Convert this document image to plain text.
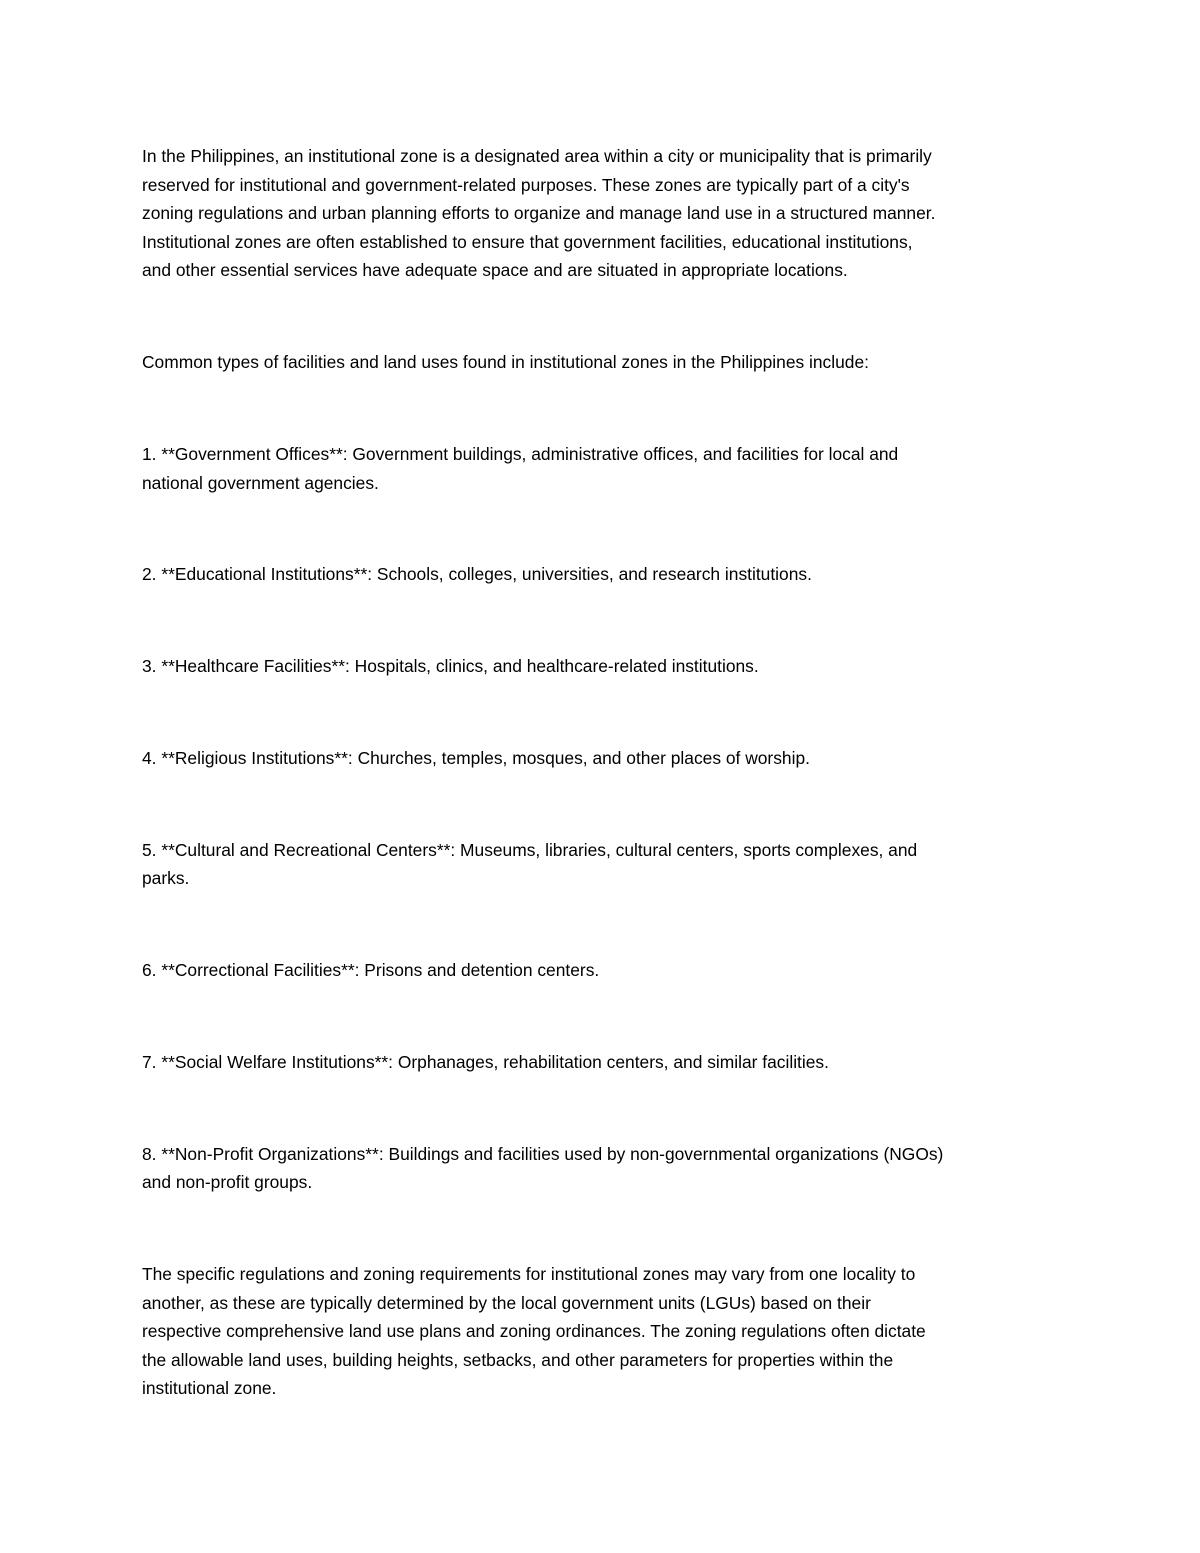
In the Philippines, an institutional zone is a designated area within a city or municipality that is primarily
reserved for institutional and government-related purposes. These zones are typically part of a city's
zoning regulations and urban planning efforts to organize and manage land use in a structured manner.
Institutional zones are often established to ensure that government facilities, educational institutions,
and other essential services have adequate space and are situated in appropriate locations.

Common types of facilities and land uses found in institutional zones in the Philippines include:

1. **Government Offices**: Government buildings, administrative offices, and facilities for local and
national government agencies.

2. **Educational Institutions**: Schools, colleges, universities, and research institutions.

3. **Healthcare Facilities**: Hospitals, clinics, and healthcare-related institutions.

4. **Religious Institutions**: Churches, temples, mosques, and other places of worship.

5. **Cultural and Recreational Centers**: Museums, libraries, cultural centers, sports complexes, and
parks.

6. **Correctional Facilities**: Prisons and detention centers.

7. **Social Welfare Institutions**: Orphanages, rehabilitation centers, and similar facilities.

8. **Non-Profit Organizations**: Buildings and facilities used by non-governmental organizations (NGOs)
and non-profit groups.

The specific regulations and zoning requirements for institutional zones may vary from one locality to
another, as these are typically determined by the local government units (LGUs) based on their
respective comprehensive land use plans and zoning ordinances. The zoning regulations often dictate
the allowable land uses, building heights, setbacks, and other parameters for properties within the
institutional zone.
